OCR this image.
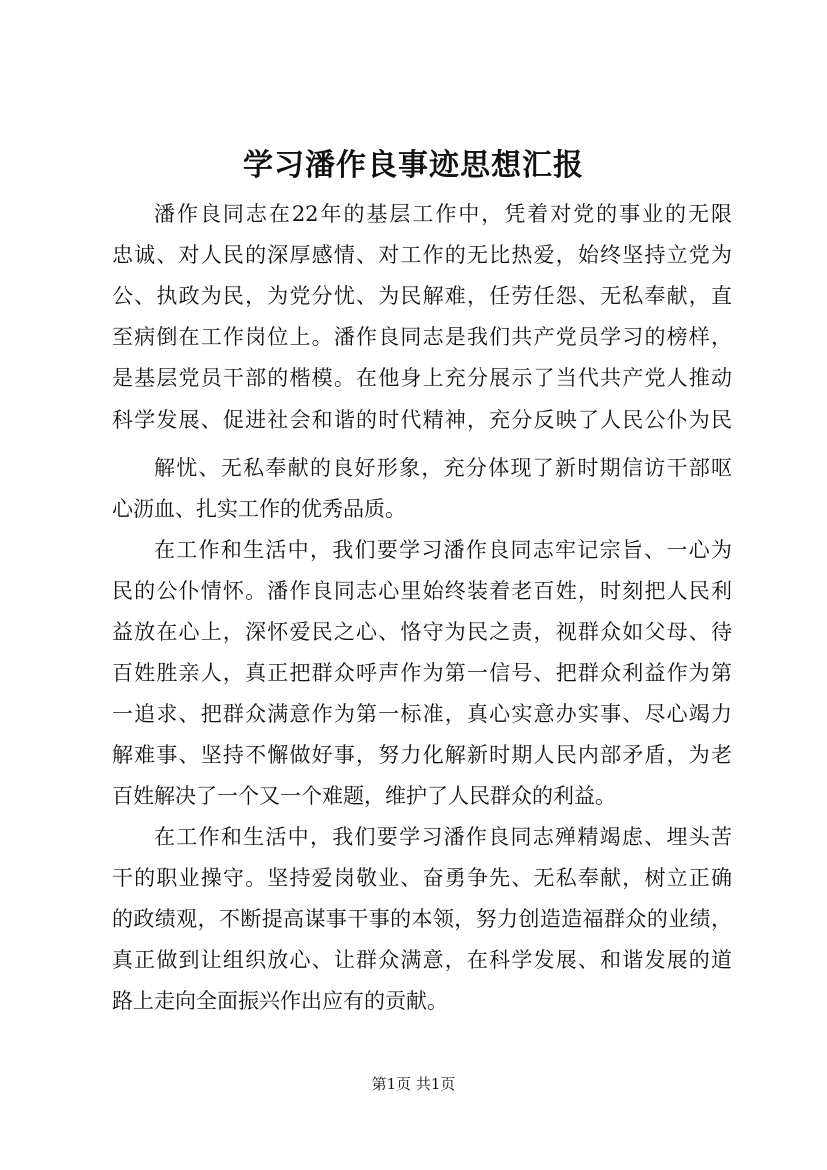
学习潘作良事迹思想汇报

潘作良同志在22年的基层工作中，凭着对党的事业的无限

忠诚、对人民的深厚感情、对工作的无比热爱，始终坚持立党为

公、执政为民，为党分忧、为民解难，任劳任怨、无私奉献，直

至病倒在工作岗位上。潘作良同志是我们共产党员学习的榜样，

是基层党员干部的楷模。在他身上充分展示了当代共产党人推动

科学发展、促进社会和谐的时代精神，充分反映了人民公仆为民

解忧、无私奉献的良好形象，充分体现了新时期信访干部呕

心沥血、扎实工作的优秀品质。

在工作和生活中，我们要学习潘作良同志牢记宗旨、一心为

民的公仆情怀。潘作良同志心里始终装着老百姓，时刻把人民利

益放在心上，深怀爱民之心、恪守为民之责，视群众如父母、待

百姓胜亲人，真正把群众呼声作为第一信号、把群众利益作为第

一追求、把群众满意作为第一标准，真心实意办实事、尽心竭力

解难事、坚持不懈做好事，努力化解新时期人民内部矛盾，为老

百姓解决了一个又一个难题，维护了人民群众的利益。

在工作和生活中，我们要学习潘作良同志殚精竭虑、埋头苦

干的职业操守。坚持爱岗敬业、奋勇争先、无私奉献，树立正确

的政绩观，不断提高谋事干事的本领，努力创造造福群众的业绩，

真正做到让组织放心、让群众满意，在科学发展、和谐发展的道

路上走向全面振兴作出应有的贡献。

第1页 共1页
